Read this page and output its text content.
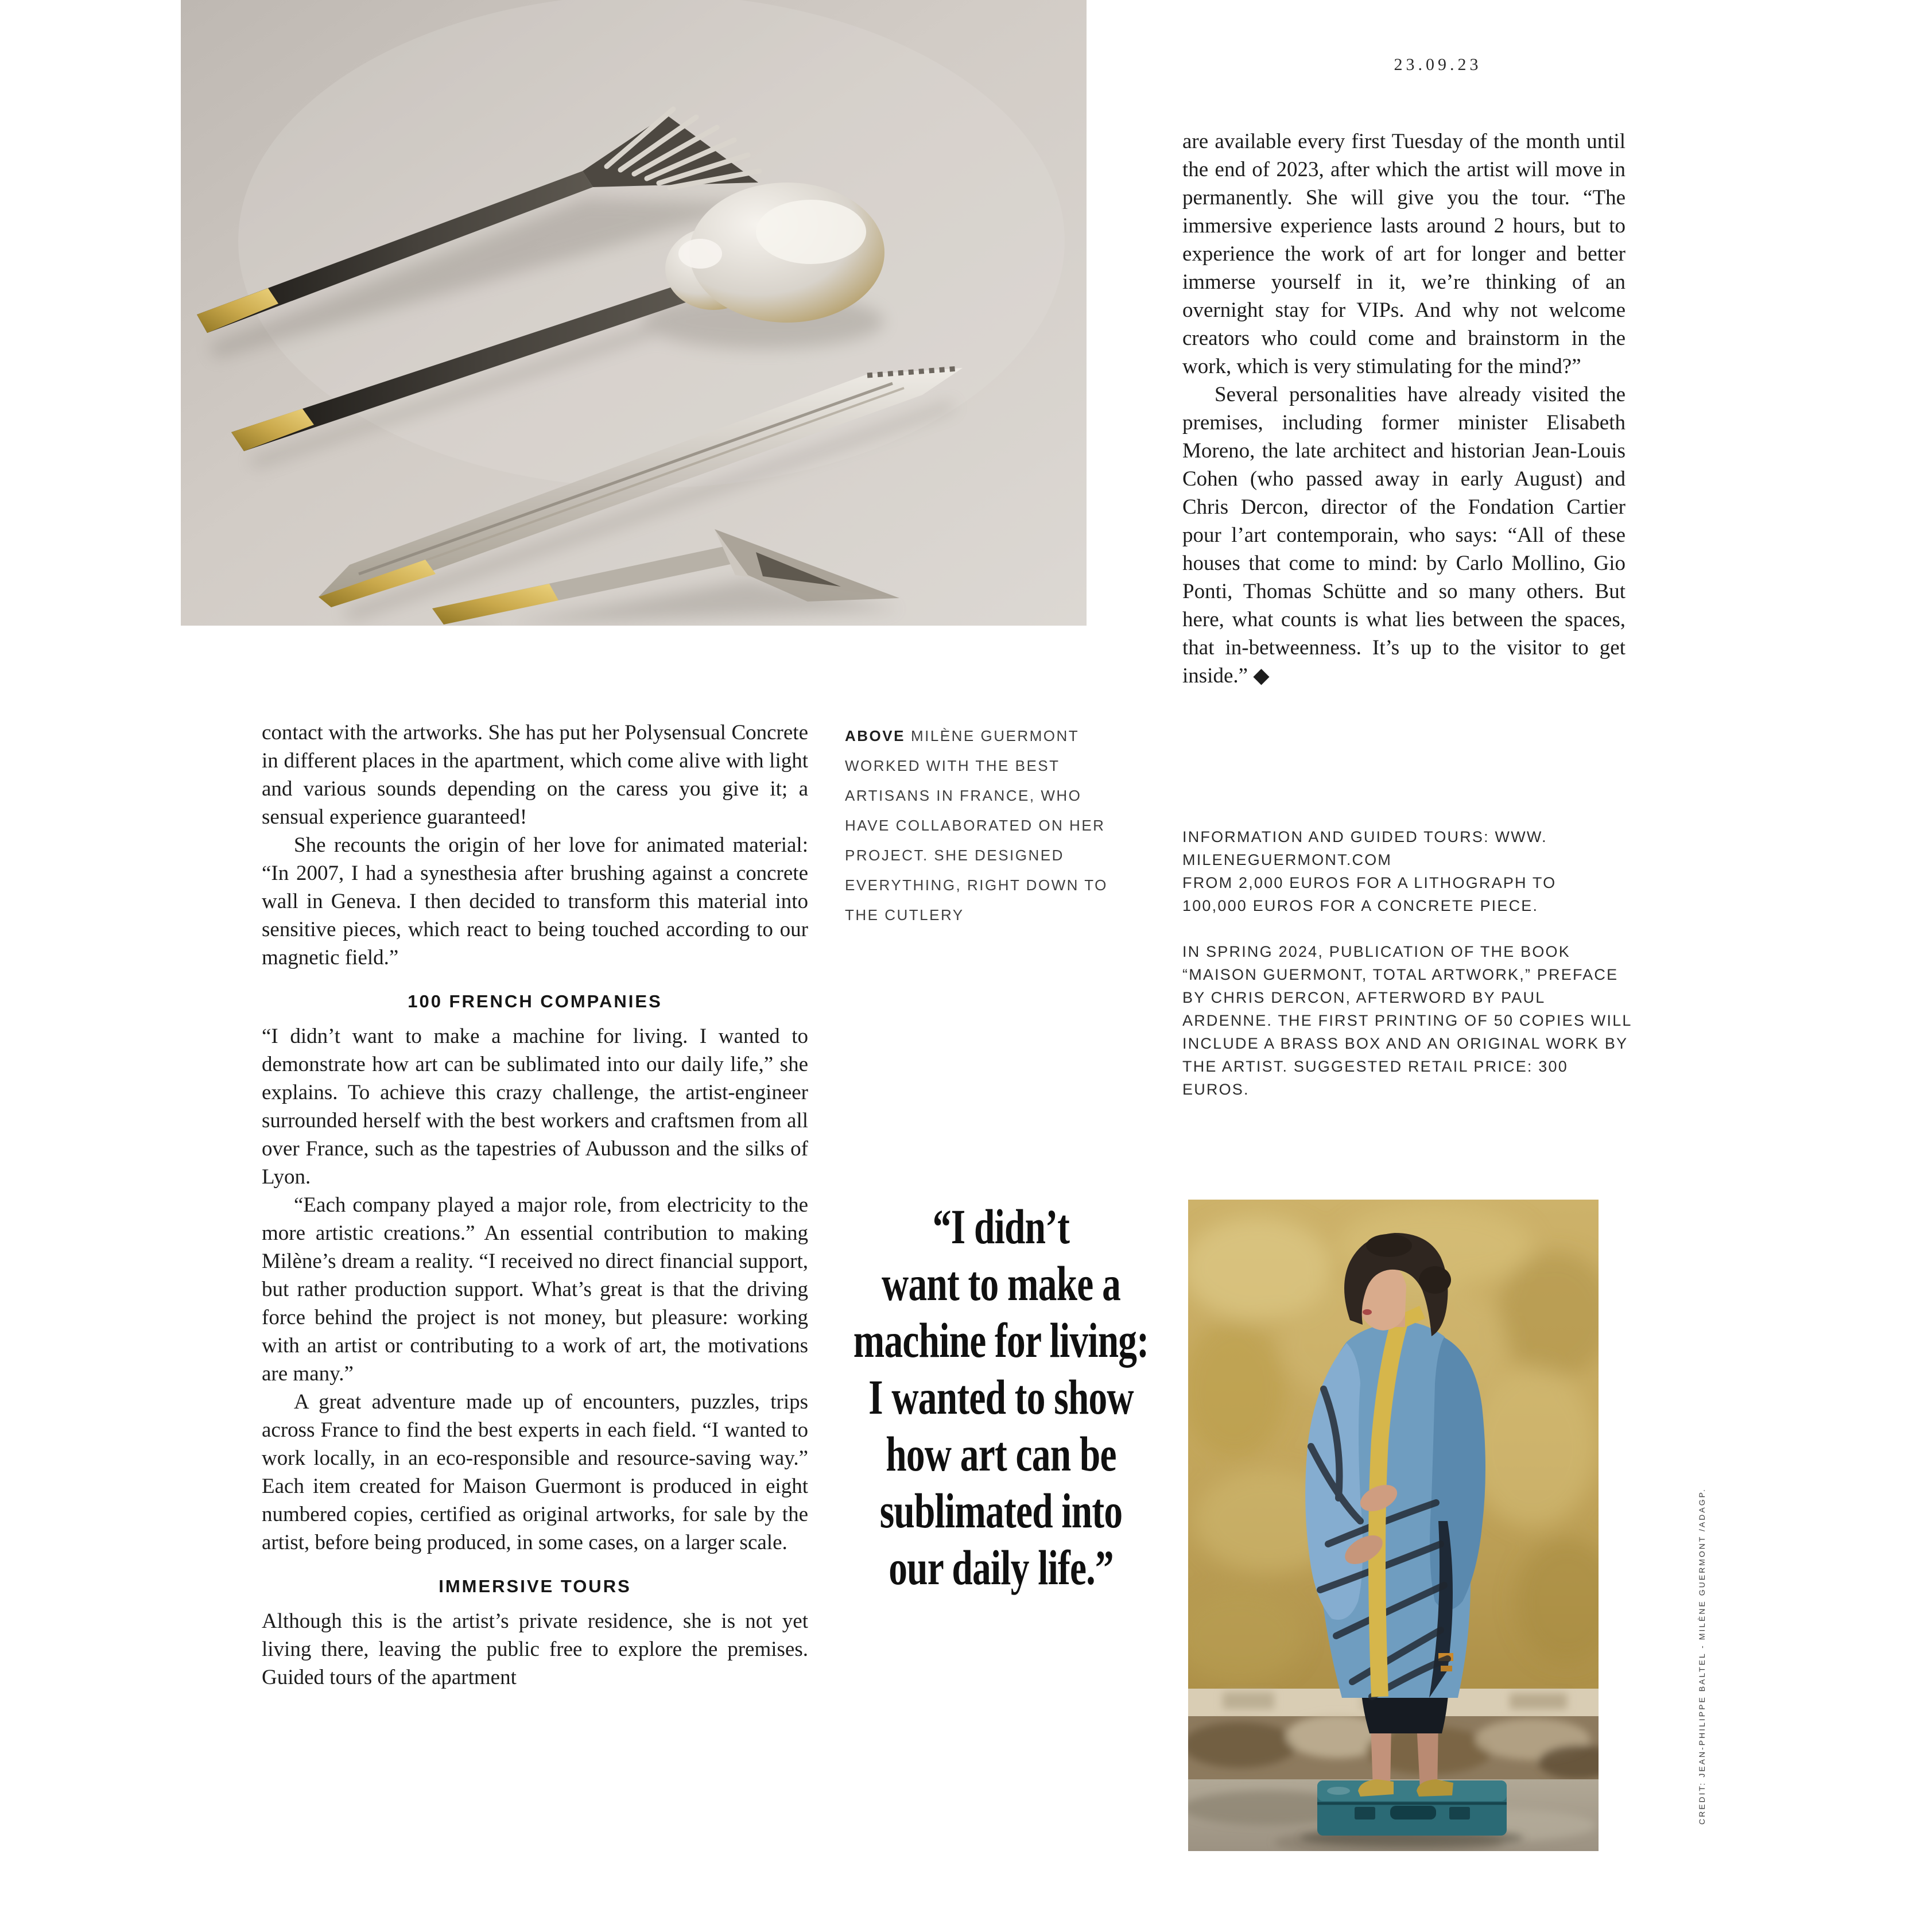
23.09.23

are available every first Tuesday of the month until the end of 2023, after which the artist will move in permanently. She will give you the tour. “The immersive experience lasts around 2 hours, but to experience the work of art for longer and better immerse yourself in it, we’re thinking of an overnight stay for VIPs. And why not welcome creators who could come and brainstorm in the work, which is very stimulating for the mind?”

Several personalities have already visited the premises, including former minister Elisabeth Moreno, the late architect and historian Jean-Louis Cohen (who passed away in early August) and Chris Dercon, director of the Fondation Cartier pour l’art contemporain, who says: “All of these houses that come to mind: by Carlo Mollino, Gio Ponti, Thomas Schütte and so many others. But here, what counts is what lies between the spaces, that in-betweenness. It’s up to the visitor to get inside.” ◆

INFORMATION AND GUIDED TOURS: WWW.
MILENEGUERMONT.COM
FROM 2,000 EUROS FOR A LITHOGRAPH TO
100,000 EUROS FOR A CONCRETE PIECE.

IN SPRING 2024, PUBLICATION OF THE BOOK “MAISON GUERMONT, TOTAL ARTWORK,” PREFACE BY CHRIS DERCON, AFTERWORD BY PAUL ARDENNE. THE FIRST PRINTING OF 50 COPIES WILL INCLUDE A BRASS BOX AND AN ORIGINAL WORK BY THE ARTIST. SUGGESTED RETAIL PRICE: 300 EUROS.

ABOVE MILÈNE GUERMONT WORKED WITH THE BEST ARTISANS IN FRANCE, WHO HAVE COLLABORATED ON HER PROJECT. SHE DESIGNED EVERYTHING, RIGHT DOWN TO THE CUTLERY

contact with the artworks. She has put her Polysensual Concrete in different places in the apartment, which come alive with light and various sounds depending on the caress you give it; a sensual experience guaranteed!

She recounts the origin of her love for animated material: “In 2007, I had a synesthesia after brushing against a concrete wall in Geneva. I then decided to transform this material into sensitive pieces, which react to being touched according to our magnetic field.”

100 FRENCH COMPANIES

“I didn’t want to make a machine for living. I wanted to demonstrate how art can be sublimated into our daily life,” she explains. To achieve this crazy challenge, the artist-engineer surrounded herself with the best workers and craftsmen from all over France, such as the tapestries of Aubusson and the silks of Lyon.

“Each company played a major role, from electricity to the more artistic creations.” An essential contribution to making Milène’s dream a reality. “I received no direct financial support, but rather production support. What’s great is that the driving force behind the project is not money, but pleasure: working with an artist or contributing to a work of art, the motivations are many.”

A great adventure made up of encounters, puzzles, trips across France to find the best experts in each field. “I wanted to work locally, in an eco-responsible and resource-saving way.” Each item created for Maison Guermont is produced in eight numbered copies, certified as original artworks, for sale by the artist, before being produced, in some cases, on a larger scale.

IMMERSIVE TOURS

Although this is the artist’s private residence, she is not yet living there, leaving the public free to explore the premises. Guided tours of the apartment

“I didn’t
want to make a
machine for living:
I wanted to show
how art can be
sublimated into
our daily life.”	CREDIT: JEAN-PHILIPPE BALTEL - MILÈNE GUERMONT /ADAGP.
